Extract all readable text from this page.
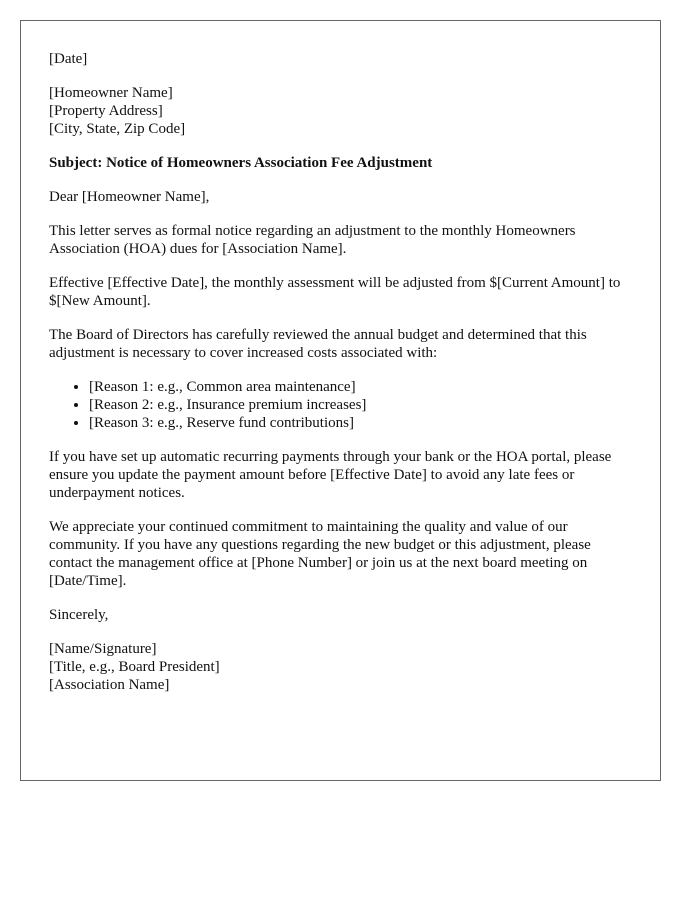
[Date]
[Homeowner Name]
[Property Address]
[City, State, Zip Code]
Subject: Notice of Homeowners Association Fee Adjustment
Dear [Homeowner Name],
This letter serves as formal notice regarding an adjustment to the monthly Homeowners Association (HOA) dues for [Association Name].
Effective [Effective Date], the monthly assessment will be adjusted from $[Current Amount] to $[New Amount].
The Board of Directors has carefully reviewed the annual budget and determined that this adjustment is necessary to cover increased costs associated with:
• [Reason 1: e.g., Common area maintenance]
• [Reason 2: e.g., Insurance premium increases]
• [Reason 3: e.g., Reserve fund contributions]
If you have set up automatic recurring payments through your bank or the HOA portal, please ensure you update the payment amount before [Effective Date] to avoid any late fees or underpayment notices.
We appreciate your continued commitment to maintaining the quality and value of our community. If you have any questions regarding the new budget or this adjustment, please contact the management office at [Phone Number] or join us at the next board meeting on [Date/Time].
Sincerely,
[Name/Signature]
[Title, e.g., Board President]
[Association Name]
